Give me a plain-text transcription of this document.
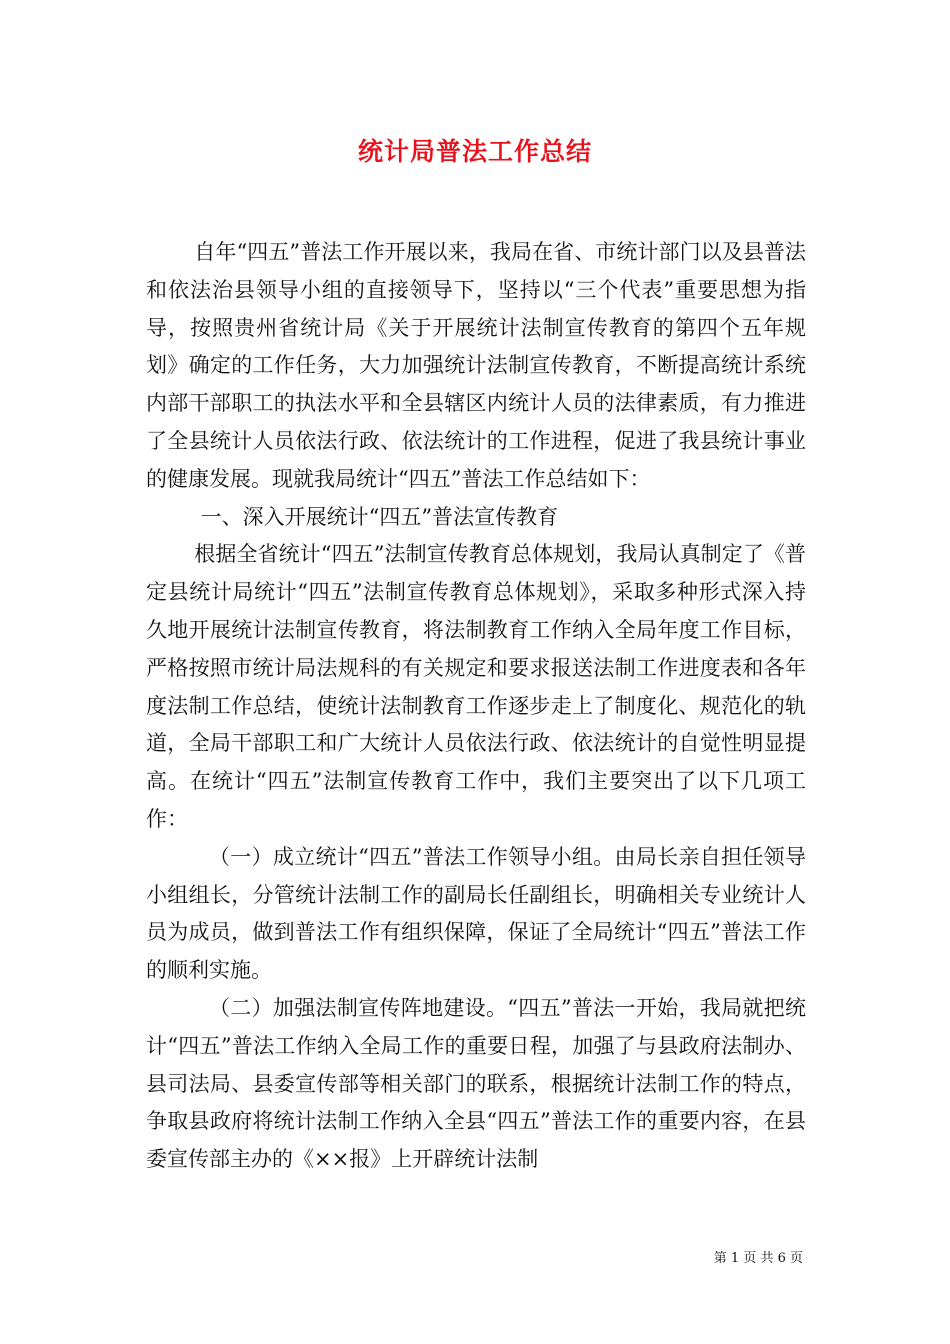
统计局普法工作总结

自年“四五”普法工作开展以来，我局在省、市统计部门以及县普法和依法治县领导小组的直接领导下，坚持以“三个代表”重要思想为指导，按照贵州省统计局《关于开展统计法制宣传教育的第四个五年规划》确定的工作任务，大力加强统计法制宣传教育，不断提高统计系统内部干部职工的执法水平和全县辖区内统计人员的法律素质，有力推进了全县统计人员依法行政、依法统计的工作进程，促进了我县统计事业的健康发展。现就我局统计“四五”普法工作总结如下：

一、深入开展统计“四五”普法宣传教育

根据全省统计“四五”法制宣传教育总体规划，我局认真制定了《普定县统计局统计“四五”法制宣传教育总体规划》，采取多种形式深入持久地开展统计法制宣传教育，将法制教育工作纳入全局年度工作目标，严格按照市统计局法规科的有关规定和要求报送法制工作进度表和各年度法制工作总结，使统计法制教育工作逐步走上了制度化、规范化的轨道，全局干部职工和广大统计人员依法行政、依法统计的自觉性明显提高。在统计“四五”法制宣传教育工作中，我们主要突出了以下几项工作：

（一）成立统计“四五”普法工作领导小组。由局长亲自担任领导小组组长，分管统计法制工作的副局长任副组长，明确相关专业统计人员为成员，做到普法工作有组织保障，保证了全局统计“四五”普法工作的顺利实施。

（二）加强法制宣传阵地建设。“四五”普法一开始，我局就把统计“四五”普法工作纳入全局工作的重要日程，加强了与县政府法制办、县司法局、县委宣传部等相关部门的联系，根据统计法制工作的特点，争取县政府将统计法制工作纳入全县“四五”普法工作的重要内容，在县委宣传部主办的《××报》上开辟统计法制

第 1 页 共 6 页
